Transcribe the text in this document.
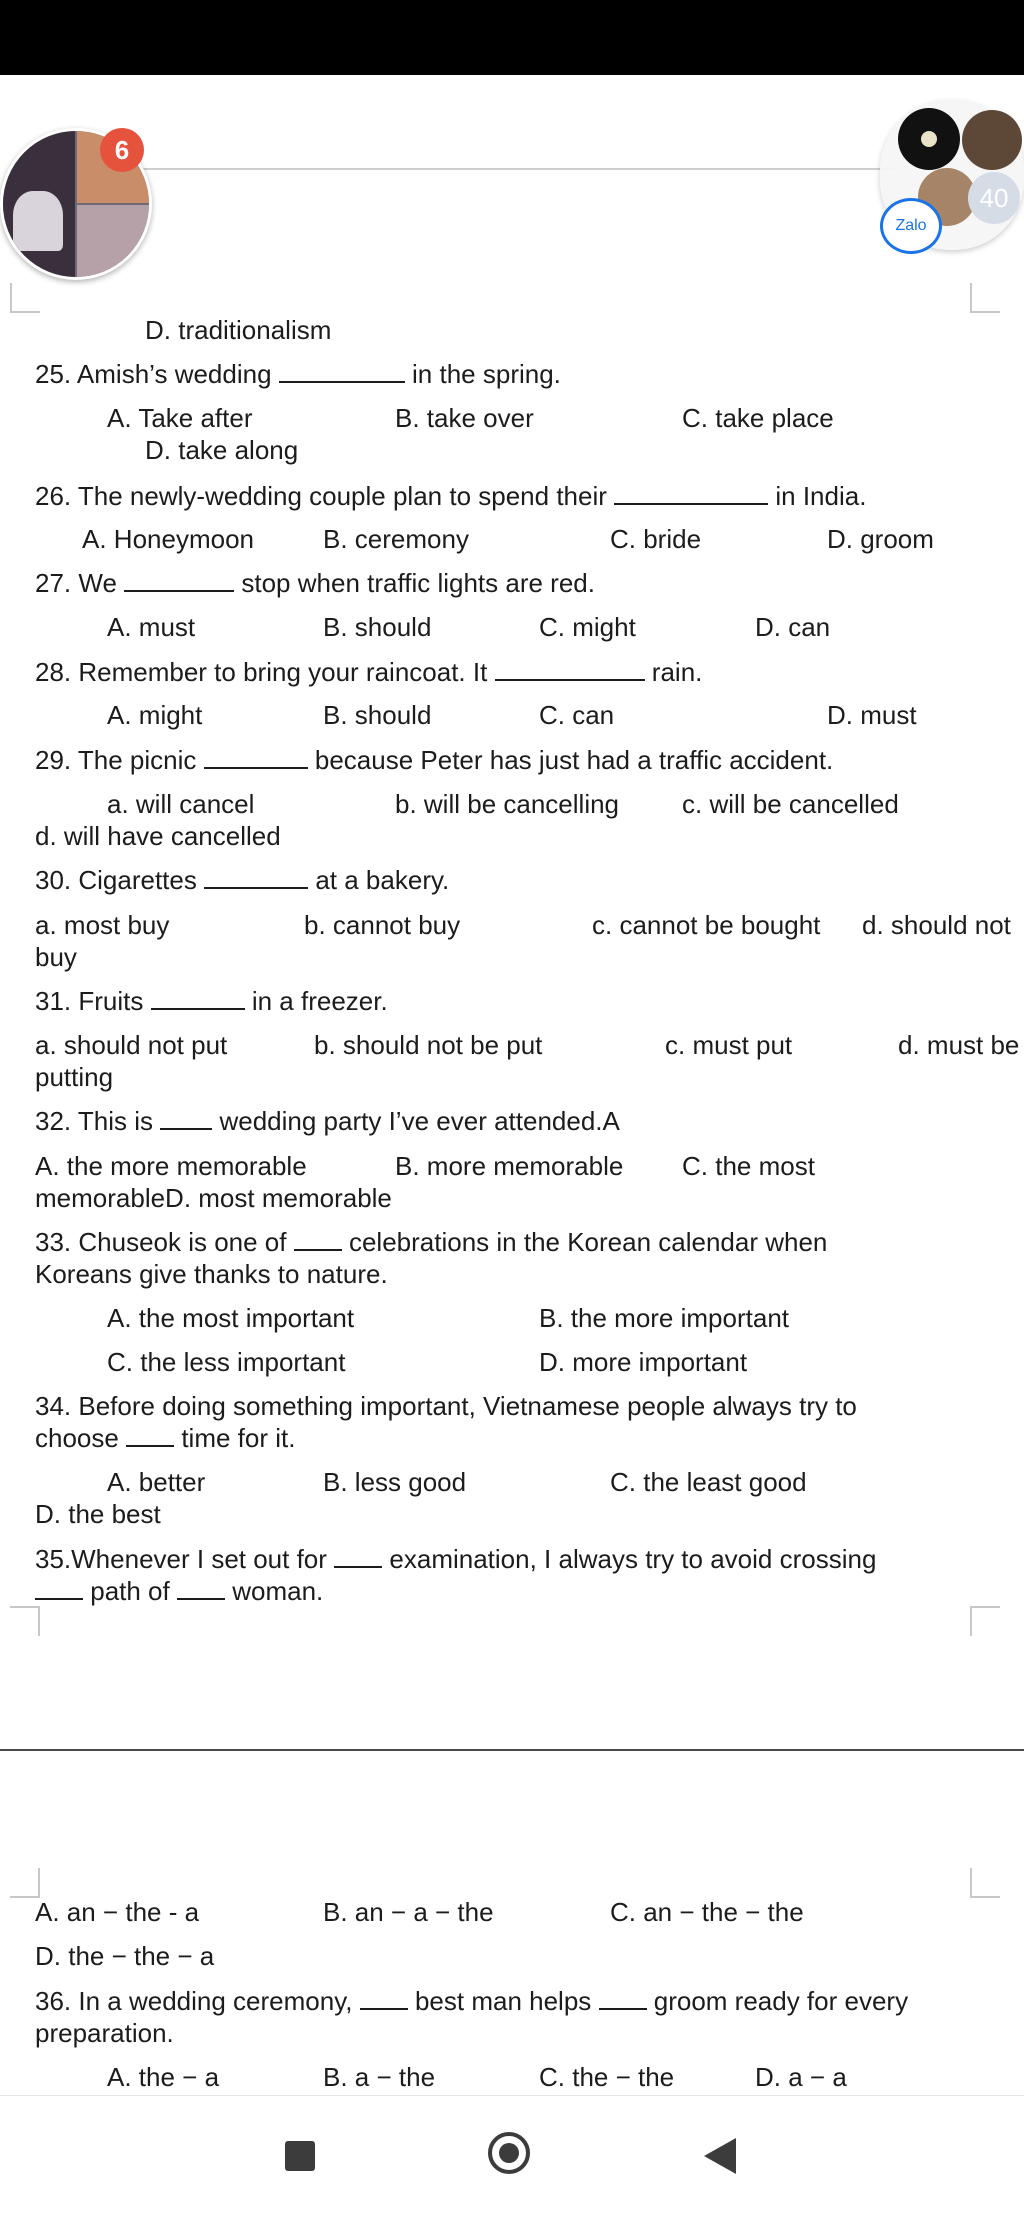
6
40
Zalo
D. traditionalism
25. Amish’s wedding	in the spring.
A. Take after	B. take over	C. take place
D. take along
26. The newly-wedding couple plan to spend their	in India.
A. Honeymoon	B. ceremony	C. bride	D. groom
27. We	stop when traffic lights are red.
A. must	B. should	C. might	D. can
28. Remember to bring your raincoat. It	rain.
A. might	B. should	C. can	D. must
29. The picnic	because Peter has just had a traffic accident.
a. will cancel	b. will be cancelling c. will be cancelled
d. will have cancelled
30. Cigarettes	at a bakery.
a. most buy	b. cannot buy	c. cannot be bought d. should not
buy
31. Fruits	in a freezer.
a. should not put	b. should not be put	c. must put	d. must be
putting
32. This is	wedding party I’ve ever attended.A
A. the more memorable	B. more memorable C. the most
memorableD. most memorable
33. Chuseok is one of celebrations in the Korean calendar when
Koreans give thanks to nature.
A. the most important	B. the more important
C. the less important	D. more important
34. Before doing something important, Vietnamese people always try to
choose time for it.
A. better	B. less good	C. the least good
D. the best
35.Whenever I set out for examination, I always try to avoid crossing
path of woman.
A. an − the - a	B. an − a − the	C. an − the − the
D. the − the − a
36. In a wedding ceremony, best man helps groom ready for every
preparation.
A. the − a	B. a − the	C. the − the	D. a − a
